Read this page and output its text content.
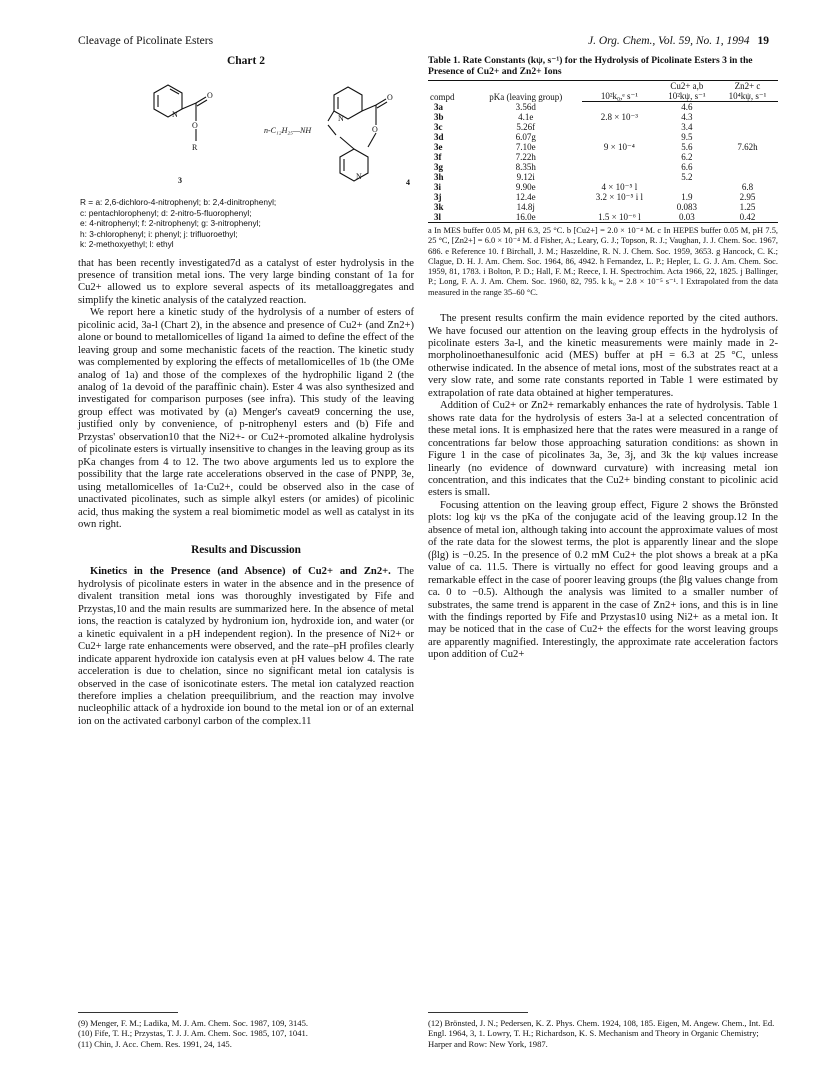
Cleavage of Picolinate Esters	J. Org. Chem., Vol. 59, No. 1, 1994 19
Chart 2
N
O
O
R
3
N
N
O
O
n-C₁₂H₂₅—NH
4
R = a: 2,6-dichloro-4-nitrophenyl; b: 2,4-dinitrophenyl;
c: pentachlorophenyl; d: 2-nitro-5-fluorophenyl;
e: 4-nitrophenyl; f: 2-nitrophenyl; g: 3-nitrophenyl;
h: 3-chlorophenyl; i: phenyl; j: trifluoroethyl;
k: 2-methoxyethyl; l: ethyl

that has been recently investigated7d as a catalyst of ester hydrolysis in the presence of transition metal ions. The very large binding constant of 1a for Cu2+ allowed us to explore several aspects of its metalloaggregates and simplify the kinetic analysis of the catalyzed reaction.

We report here a kinetic study of the hydrolysis of a number of esters of picolinic acid, 3a-l (Chart 2), in the absence and presence of Cu2+ (and Zn2+) alone or bound to metallomicelles of ligand 1a aimed to define the effect of the leaving group and some mechanistic facets of the reaction. The kinetic study was complemented by exploring the effects of metallomicelles of 1b (the OMe analog of 1a) and those of the complexes of the hydrophilic ligand 2 (the analog of 1a devoid of the paraffinic chain). Ester 4 was also synthesized and investigated for comparison purposes (see infra). This study of the leaving group effect was motivated by (a) Menger's caveat9 concerning the use, justified only by convenience, of p-nitrophenyl esters and (b) Fife and Przystas' observation10 that the Ni2+- or Cu2+-promoted alkaline hydrolysis of picolinate esters is virtually insensitive to changes in the leaving group as its pKa changes from 4 to 12. The two above arguments led us to explore the possibility that the large rate accelerations observed in the case of PNPP, 3e, using metallomicelles of 1a·Cu2+, could be observed also in the case of unactivated picolinates, such as simple alkyl esters (or amides) of picolinic acid, thus making the system a real biomimetic model as well as catalyst in its own right.

Results and Discussion

Kinetics in the Presence (and Absence) of Cu2+ and Zn2+. The hydrolysis of picolinate esters in water in the absence and in the presence of divalent transition metal ions was thoroughly investigated by Fife and Przystas,10 and the main results are summarized here. In the absence of metal ions, the reaction is catalyzed by hydronium ion, hydroxide ion, and water (or a kinetic equivalent in a pH independent region). In the presence of Ni2+ or Cu2+ large rate enhancements were observed, and the rate–pH profiles clearly indicate apparent hydroxide ion catalysis even at pH values below 4. The rate acceleration is due to chelation, since no significant metal ion catalysis is observed in the case of isonicotinate esters. The metal ion catalyzed reaction therefore implies a chelation preequilibrium, and the reaction may involve nucleophilic attack of a hydroxide ion bound to the metal ion or of an external ion on the activated carbonyl carbon of the complex.11

Table 1. Rate Constants (kψ, s⁻¹) for the Hydrolysis of Picolinate Esters 3 in the Presence of Cu2+ and Zn2+ Ions
compd	pKa (leaving group)		Cu2+ a,b	Zn2+ c
		10²k₀,ᵉ s⁻¹	10²kψ, s⁻¹	10⁴kψ, s⁻¹
3a	3.56d		4.6	
3b	4.1e	2.8 × 10⁻³	4.3	
3c	5.26f		3.4	
3d	6.07g		9.5	
3e	7.10e	9 × 10⁻⁴	5.6	7.62h
3f	7.22h		6.2	
3g	8.35h		6.6	
3h	9.12i		5.2	
3i	9.90e	4 × 10⁻⁵ l		6.8
3j	12.4e	3.2 × 10⁻⁵ i l	1.9	2.95
3k	14.8j		0.083	1.25
3l	16.0e	1.5 × 10⁻⁶ l	0.03	0.42
a In MES buffer 0.05 M, pH 6.3, 25 °C. b [Cu2+] = 2.0 × 10⁻⁴ M. c In HEPES buffer 0.05 M, pH 7.5, 25 °C, [Zn2+] = 6.0 × 10⁻⁴ M. d Fisher, A.; Leary, G. J.; Topson, R. J.; Vaughan, J. J. Chem. Soc. 1967, 686. e Reference 10. f Birchall, J. M.; Haszeldine, R. N. J. Chem. Soc. 1959, 3653. g Hancock, C. K.; Clague, D. H. J. Am. Chem. Soc. 1964, 86, 4942. h Fernandez, L. P.; Hepler, L. G. J. Am. Chem. Soc. 1959, 81, 1783. i Bolton, P. D.; Hall, F. M.; Reece, I. H. Spectrochim. Acta 1966, 22, 1825. j Ballinger, P.; Long, F. A. J. Am. Chem. Soc. 1960, 82, 795. k k₀ = 2.8 × 10⁻⁵ s⁻¹. l Extrapolated from the data measured in the range 35–60 °C.

The present results confirm the main evidence reported by the cited authors. We have focused our attention on the leaving group effects in the hydrolysis of picolinate esters 3a-l, and the kinetic measurements were mainly made in 2-morpholinoethanesulfonic acid (MES) buffer at pH = 6.3 at 25 °C, unless otherwise indicated. In the absence of metal ions, most of the substrates react at a very slow rate, and some rate constants reported in Table 1 were estimated by extrapolation of rate data obtained at higher temperatures.

Addition of Cu2+ or Zn2+ remarkably enhances the rate of hydrolysis. Table 1 shows rate data for the hydrolysis of esters 3a-l at a selected concentration of these metal ions. It is emphasized here that the rates were measured in a range of concentrations far below those approaching saturation conditions: as shown in Figure 1 in the case of picolinates 3a, 3e, 3j, and 3k the kψ values increase linearly (no evidence of downward curvature) with increasing metal ion concentration, and this indicates that the Cu2+ binding constant to picolinic acid esters is small.

Focusing attention on the leaving group effect, Figure 2 shows the Brönsted plots: log kψ vs the pKa of the conjugate acid of the leaving group.12 In the absence of metal ion, although taking into account the approximate values of most of the rate data for the slowest terms, the plot is apparently linear and the slope (βlg) is −0.25. In the presence of 0.2 mM Cu2+ the plot shows a break at a pKa value of ca. 11.5. There is virtually no effect for good leaving groups and a remarkable effect in the case of poorer leaving groups (the βlg values change from ca. 0 to −0.5). Although the analysis was limited to a smaller number of substrates, the same trend is apparent in the case of Zn2+ ions, and this is in line with the findings reported by Fife and Przystas10 using Ni2+ as a metal ion. It may be noticed that in the case of Cu2+ the effects for the worst leaving groups are apparently magnified. Interestingly, the approximate rate acceleration factors upon addition of Cu2+

(9) Menger, F. M.; Ladika, M. J. Am. Chem. Soc. 1987, 109, 3145.
(10) Fife, T. H.; Przystas, T. J. J. Am. Chem. Soc. 1985, 107, 1041.
(11) Chin, J. Acc. Chem. Res. 1991, 24, 145.
(12) Brönsted, J. N.; Pedersen, K. Z. Phys. Chem. 1924, 108, 185. Eigen, M. Angew. Chem., Int. Ed. Engl. 1964, 3, 1. Lowry, T. H.; Richardson, K. S. Mechanism and Theory in Organic Chemistry; Harper and Row: New York, 1987.
